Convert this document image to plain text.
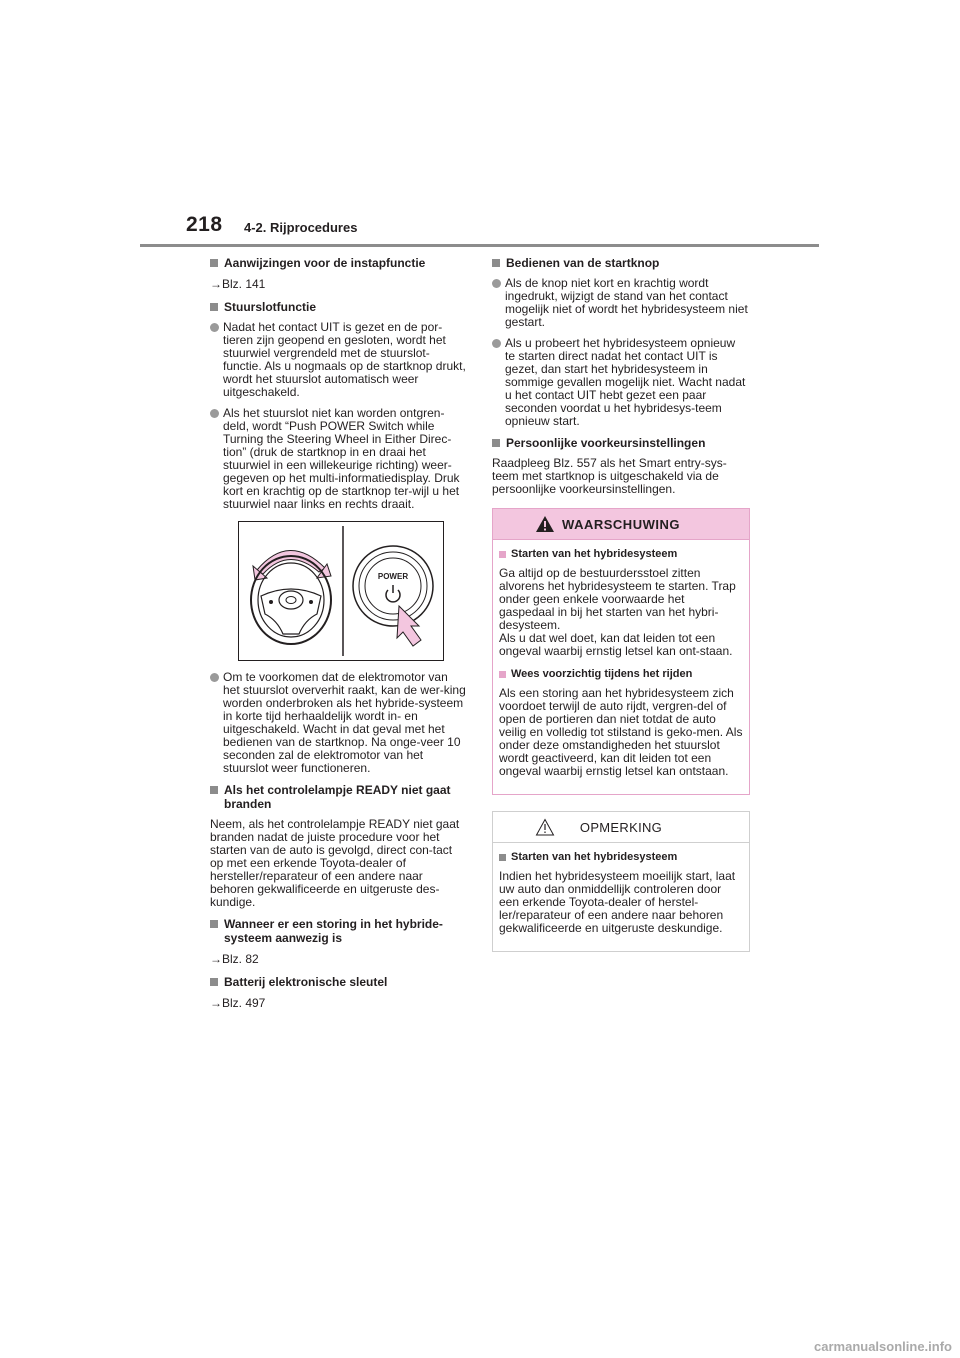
218 4-2. Rijprocedures
Aanwijzingen voor de instapfunctie
→Blz. 141
Stuurslotfunctie
Nadat het contact UIT is gezet en de por-tieren zijn geopend en gesloten, wordt het stuurwiel vergrendeld met de stuurslot-functie. Als u nogmaals op de startknop drukt, wordt het stuurslot automatisch weer uitgeschakeld.
Als het stuurslot niet kan worden ontgren-deld, wordt “Push POWER Switch while Turning the Steering Wheel in Either Direc-tion” (druk de startknop in en draai het stuurwiel in een willekeurige richting) weer-gegeven op het multi-informatiedisplay. Druk kort en krachtig op de startknop ter-wijl u het stuurwiel naar links en rechts draait.
POWER
Om te voorkomen dat de elektromotor van het stuurslot oververhit raakt, kan de wer-king worden onderbroken als het hybride-systeem in korte tijd herhaaldelijk wordt in- en uitgeschakeld. Wacht in dat geval met het bedienen van de startknop. Na onge-veer 10 seconden zal de elektromotor van het stuurslot weer functioneren.
Als het controlelampje READY niet gaat branden
Neem, als het controlelampje READY niet gaat branden nadat de juiste procedure voor het starten van de auto is gevolgd, direct con-tact op met een erkende Toyota-dealer of hersteller/reparateur of een andere naar behoren gekwalificeerde en uitgeruste des-kundige.
Wanneer er een storing in het hybride-systeem aanwezig is
→Blz. 82
Batterij elektronische sleutel
→Blz. 497
Bedienen van de startknop
Als de knop niet kort en krachtig wordt ingedrukt, wijzigt de stand van het contact mogelijk niet of wordt het hybridesysteem niet gestart.
Als u probeert het hybridesysteem opnieuw te starten direct nadat het contact UIT is gezet, dan start het hybridesysteem in sommige gevallen mogelijk niet. Wacht nadat u het contact UIT hebt gezet een paar seconden voordat u het hybridesys-teem opnieuw start.
Persoonlijke voorkeursinstellingen
Raadpleeg Blz. 557 als het Smart entry-sys-teem met startknop is uitgeschakeld via de persoonlijke voorkeursinstellingen.
WAARSCHUWING
Starten van het hybridesysteem
Ga altijd op de bestuurdersstoel zitten alvorens het hybridesysteem te starten. Trap onder geen enkele voorwaarde het gaspedaal in bij het starten van het hybri-desysteem.
Als u dat wel doet, kan dat leiden tot een ongeval waarbij ernstig letsel kan ont-staan.
Wees voorzichtig tijdens het rijden
Als een storing aan het hybridesysteem zich voordoet terwijl de auto rijdt, vergren-del of open de portieren dan niet totdat de auto veilig en volledig tot stilstand is geko-men. Als onder deze omstandigheden het stuurslot wordt geactiveerd, kan dit leiden tot een ongeval waarbij ernstig letsel kan ontstaan.
OPMERKING
Starten van het hybridesysteem
Indien het hybridesysteem moeilijk start, laat uw auto dan onmiddellijk controleren door een erkende Toyota-dealer of herstel-ler/reparateur of een andere naar behoren gekwalificeerde en uitgeruste deskundige.
carmanualsonline.info
